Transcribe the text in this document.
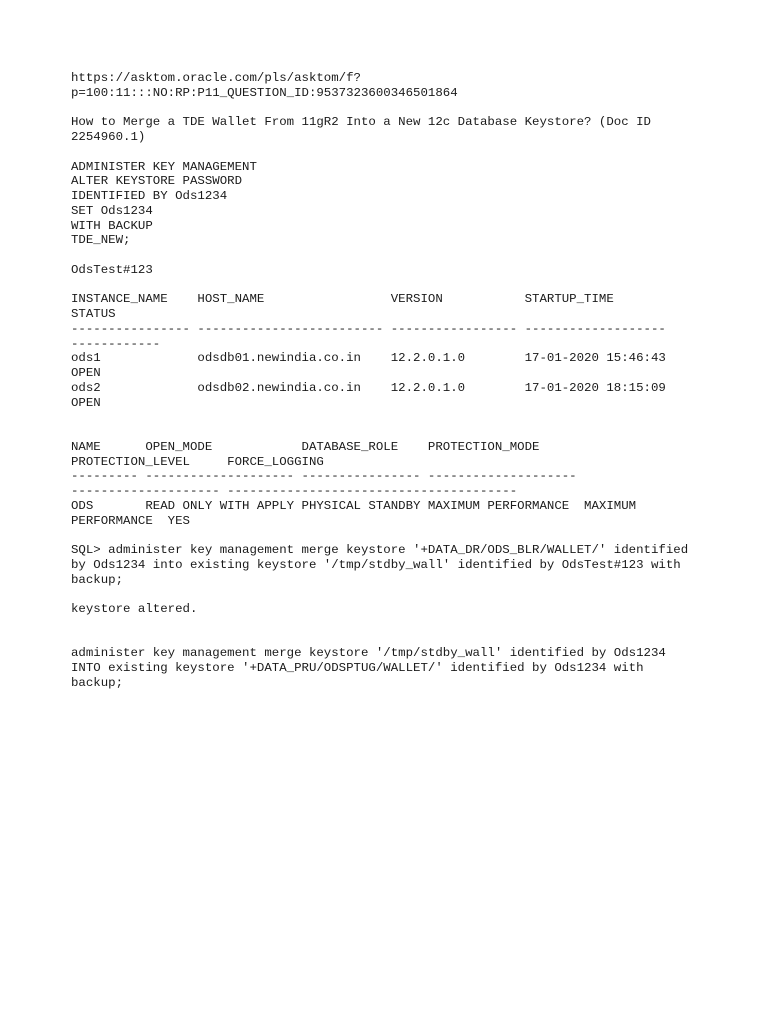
https://asktom.oracle.com/pls/asktom/f?
p=100:11:::NO:RP:P11_QUESTION_ID:9537323600346501864
How to Merge a TDE Wallet From 11gR2 Into a New 12c Database Keystore? (Doc ID
2254960.1)
ADMINISTER KEY MANAGEMENT
ALTER KEYSTORE PASSWORD
IDENTIFIED BY Ods1234
SET Ods1234
WITH BACKUP
TDE_NEW;
OdsTest#123
INSTANCE_NAME    HOST_NAME                 VERSION           STARTUP_TIME
STATUS
---------------- ------------------------- ----------------- -------------------
------------
ods1             odsdb01.newindia.co.in    12.2.0.1.0        17-01-2020 15:46:43
OPEN
ods2             odsdb02.newindia.co.in    12.2.0.1.0        17-01-2020 18:15:09
OPEN
NAME      OPEN_MODE            DATABASE_ROLE    PROTECTION_MODE
PROTECTION_LEVEL     FORCE_LOGGING
--------- -------------------- ---------------- --------------------
-------------------- ---------------------------------------
ODS       READ ONLY WITH APPLY PHYSICAL STANDBY MAXIMUM PERFORMANCE  MAXIMUM
PERFORMANCE  YES
SQL> administer key management merge keystore '+DATA_DR/ODS_BLR/WALLET/' identified
by Ods1234 into existing keystore '/tmp/stdby_wall' identified by OdsTest#123 with
backup;
keystore altered.
administer key management merge keystore '/tmp/stdby_wall' identified by Ods1234
INTO existing keystore '+DATA_PRU/ODSPTUG/WALLET/' identified by Ods1234 with
backup;
